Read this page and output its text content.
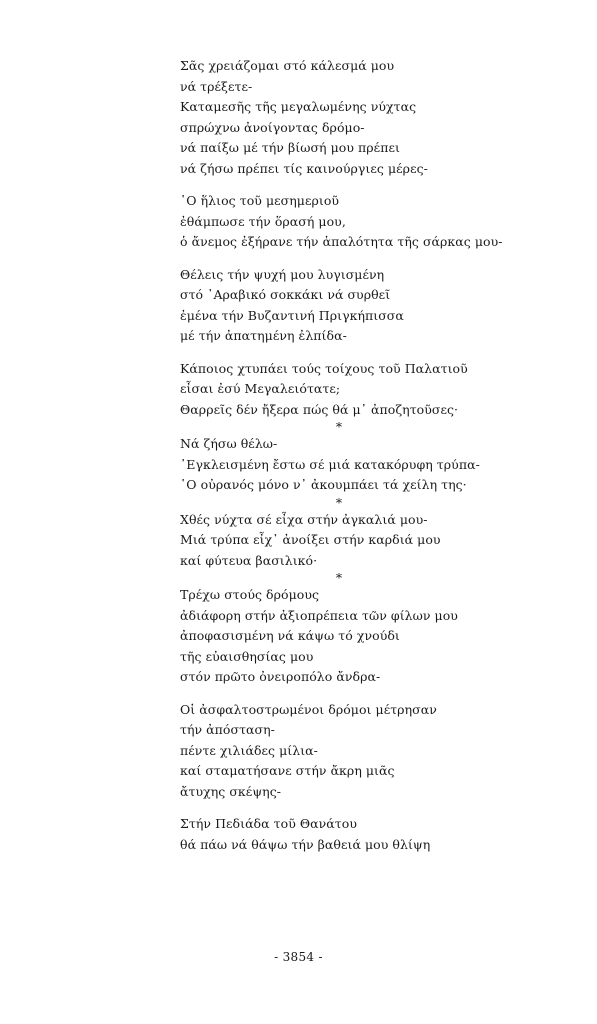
Σᾶς χρειάζομαι στό κάλεσμά μου
νά τρέξετε-
Καταμεσῆς τῆς μεγαλωμένης νύχτας
σπρώχνω ἀνοίγοντας δρόμο-
νά παίξω μέ τήν βίωσή μου πρέπει
νά ζήσω πρέπει τίς καινούργιες μέρες-
῾Ο ἥλιος τοῦ μεσημεριοῦ
ἐθάμπωσε τήν ὅρασή μου,
ὁ ἄνεμος ἐξήρανε τήν ἁπαλότητα τῆς σάρκας μου-
Θέλεις τήν ψυχή μου λυγισμένη
στό ᾿Αραβικό σοκκάκι νά συρθεῖ
ἐμένα τήν Βυζαντινή Πριγκήπισσα
μέ τήν ἀπατημένη ἐλπίδα-
Κάποιος χτυπάει τούς τοίχους τοῦ Παλατιοῦ
εἶσαι ἐσύ Μεγαλειότατε;
Θαρρεῖς δέν ἤξερα πώς θά μ᾿ ἀποζητοῦσες·
*
Νά ζήσω θέλω-
᾿Εγκλεισμένη ἔστω σέ μιά κατακόρυφη τρύπα-
῾Ο οὐρανός μόνο ν᾿ ἀκουμπάει τά χείλη της·
*
Χθές νύχτα σέ εἶχα στήν ἀγκαλιά μου-
Μιά τρύπα εἶχ᾿ ἀνοίξει στήν καρδιά μου
καί φύτευα βασιλικό·
*
Τρέχω στούς δρόμους
ἀδιάφορη στήν ἀξιοπρέπεια τῶν φίλων μου
ἀποφασισμένη νά κάψω τό χνούδι
τῆς εὐαισθησίας μου
στόν πρῶτο ὀνειροπόλο ἄνδρα-
Οἱ ἀσφαλτοστρωμένοι δρόμοι μέτρησαν
τήν ἀπόσταση-
πέντε χιλιάδες μίλια-
καί σταματήσανε στήν ἄκρη μιᾶς
ἄτυχης σκέψης-
Στήν Πεδιάδα τοῦ Θανάτου
θά πάω νά θάψω τήν βαθειά μου θλίψη
- 3854 -
